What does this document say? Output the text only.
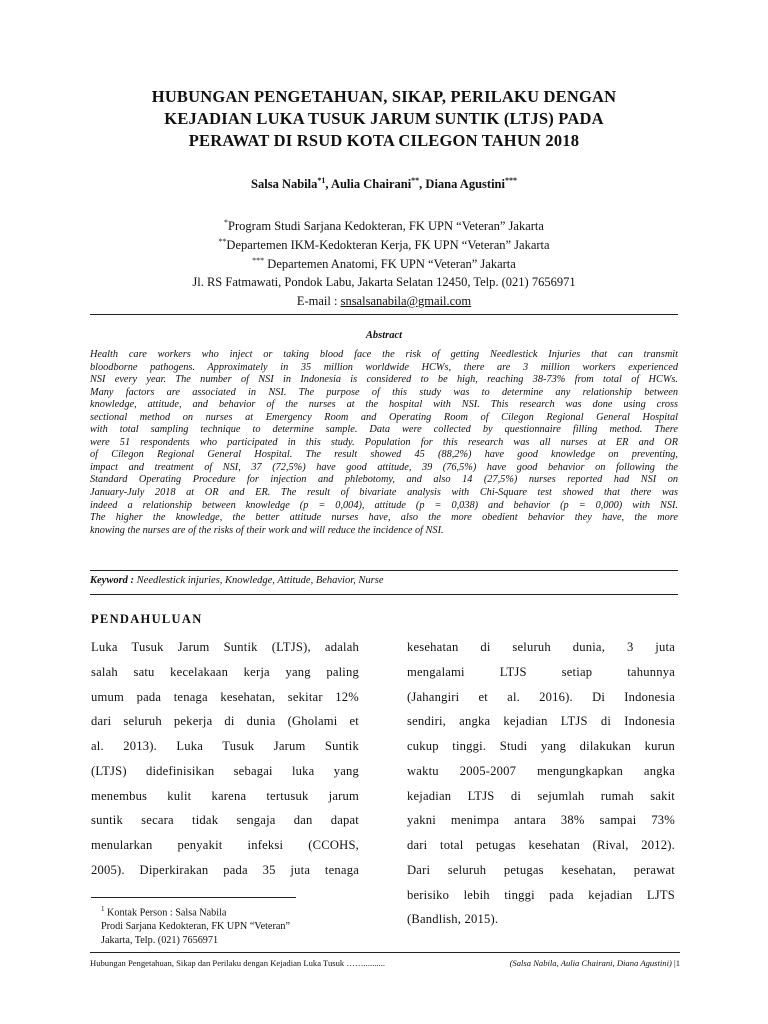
HUBUNGAN PENGETAHUAN, SIKAP, PERILAKU DENGAN
KEJADIAN LUKA TUSUK JARUM SUNTIK (LTJS) PADA
PERAWAT DI RSUD KOTA CILEGON TAHUN 2018
Salsa Nabila$^{*1}$, Aulia Chairani**, Diana Agustini***
*Program Studi Sarjana Kedokteran, FK UPN “Veteran” Jakarta
**Departemen IKM-Kedokteran Kerja, FK UPN “Veteran” Jakarta
*** Departemen Anatomi, FK UPN “Veteran” Jakarta
Jl. RS Fatmawati, Pondok Labu, Jakarta Selatan 12450, Telp. (021) 7656971
E-mail : snsalsanabila@gmail.com
Abstract
Health care workers who inject or taking blood face the risk of getting Needlestick Injuries that can transmit
bloodborne pathogens. Approximately in 35 million worldwide HCWs, there are 3 million workers experienced
NSI every year. The number of NSI in Indonesia is considered to be high, reaching 38-73% from total of HCWs.
Many factors are associated in NSI. The purpose of this study was to determine any relationship between
knowledge, attitude, and behavior of the nurses at the hospital with NSI. This research was done using cross
sectional method on nurses at Emergency Room and Operating Room of Cilegon Regional General Hospital
with total sampling technique to determine sample. Data were collected by questionnaire filling method. There
were 51 respondents who participated in this study. Population for this research was all nurses at ER and OR
of Cilegon Regional General Hospital. The result showed 45 (88,2%) have good knowledge on preventing,
impact and treatment of NSI, 37 (72,5%) have good attitude, 39 (76,5%) have good behavior on following the
Standard Operating Procedure for injection and phlebotomy, and also 14 (27,5%) nurses reported had NSI on
January-July 2018 at OR and ER. The result of bivariate analysis with Chi-Square test showed that there was
indeed a relationship between knowledge (p = 0,004), attitude (p = 0,038) and behavior (p = 0,000) with NSI.
The higher the knowledge, the better attitude nurses have, also the more obedient behavior they have, the more
knowing the nurses are of the risks of their work and will reduce the incidence of NSI.
Keyword : Needlestick injuries, Knowledge, Attitude, Behavior, Nurse
PENDAHULUAN
Luka Tusuk Jarum Suntik (LTJS), adalah
salah satu kecelakaan kerja yang paling
umum pada tenaga kesehatan, sekitar 12%
dari seluruh pekerja di dunia (Gholami et
al. 2013). Luka Tusuk Jarum Suntik
(LTJS) didefinisikan sebagai luka yang
menembus kulit karena tertusuk jarum
suntik secara tidak sengaja dan dapat
menularkan penyakit infeksi (CCOHS,
2005). Diperkirakan pada 35 juta tenaga
kesehatan di seluruh dunia, 3 juta
mengalami LTJS setiap tahunnya
(Jahangiri et al. 2016). Di Indonesia
sendiri, angka kejadian LTJS di Indonesia
cukup tinggi. Studi yang dilakukan kurun
waktu 2005-2007 mengungkapkan angka
kejadian LTJS di sejumlah rumah sakit
yakni menimpa antara 38% sampai 73%
dari total petugas kesehatan (Rival, 2012).
Dari seluruh petugas kesehatan, perawat
berisiko lebih tinggi pada kejadian LJTS
(Bandlish, 2015).
$^1$ Kontak Person : Salsa Nabila
Prodi Sarjana Kedokteran, FK UPN “Veteran”
Jakarta, Telp. (021) 7656971
Hubungan Pengetahuan, Sikap dan Perilaku dengan Kejadian Luka Tusuk ……..........	(Salsa Nabila, Aulia Chairani, Diana Agustini) |1
